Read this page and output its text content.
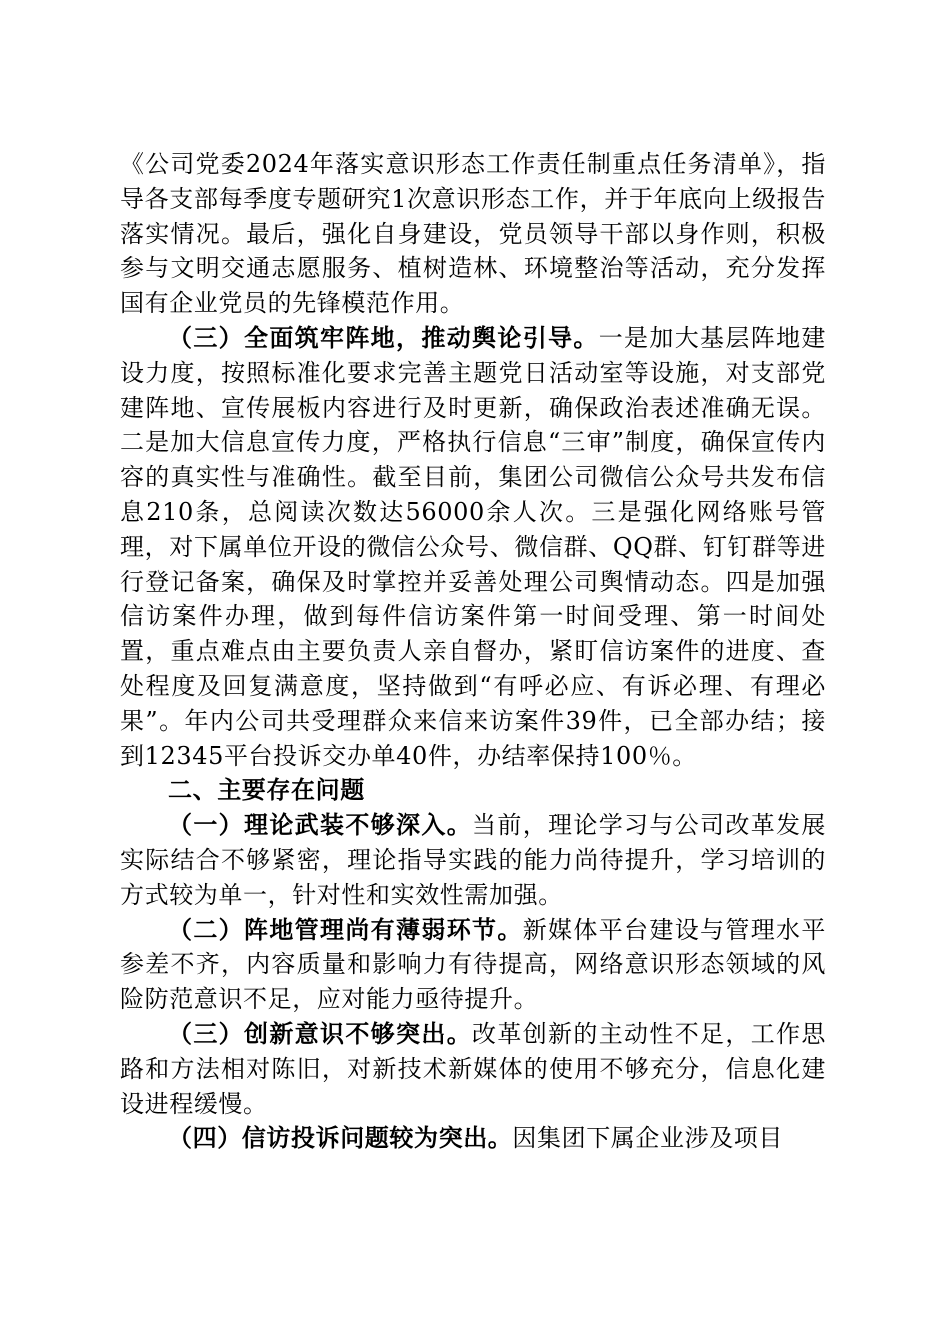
《公司党委2024年落实意识形态工作责任制重点任务清单》，指导各支部每季度专题研究1次意识形态工作，并于年底向上级报告落实情况。最后，强化自身建设，党员领导干部以身作则，积极参与文明交通志愿服务、植树造林、环境整治等活动，充分发挥国有企业党员的先锋模范作用。

（三）全面筑牢阵地，推动舆论引导。一是加大基层阵地建设力度，按照标准化要求完善主题党日活动室等设施，对支部党建阵地、宣传展板内容进行及时更新，确保政治表述准确无误。二是加大信息宣传力度，严格执行信息“三审”制度，确保宣传内容的真实性与准确性。截至目前，集团公司微信公众号共发布信息210条，总阅读次数达56000余人次。三是强化网络账号管理，对下属单位开设的微信公众号、微信群、QQ群、钉钉群等进行登记备案，确保及时掌控并妥善处理公司舆情动态。四是加强信访案件办理，做到每件信访案件第一时间受理、第一时间处置，重点难点由主要负责人亲自督办，紧盯信访案件的进度、查处程度及回复满意度，坚持做到“有呼必应、有诉必理、有理必果”。年内公司共受理群众来信来访案件39件，已全部办结；接到12345平台投诉交办单40件，办结率保持100％。

二、主要存在问题

（一）理论武装不够深入。当前，理论学习与公司改革发展实际结合不够紧密，理论指导实践的能力尚待提升，学习培训的方式较为单一，针对性和实效性需加强。

（二）阵地管理尚有薄弱环节。新媒体平台建设与管理水平参差不齐，内容质量和影响力有待提高，网络意识形态领域的风险防范意识不足，应对能力亟待提升。

（三）创新意识不够突出。改革创新的主动性不足，工作思路和方法相对陈旧，对新技术新媒体的使用不够充分，信息化建设进程缓慢。

（四）信访投诉问题较为突出。因集团下属企业涉及项目
